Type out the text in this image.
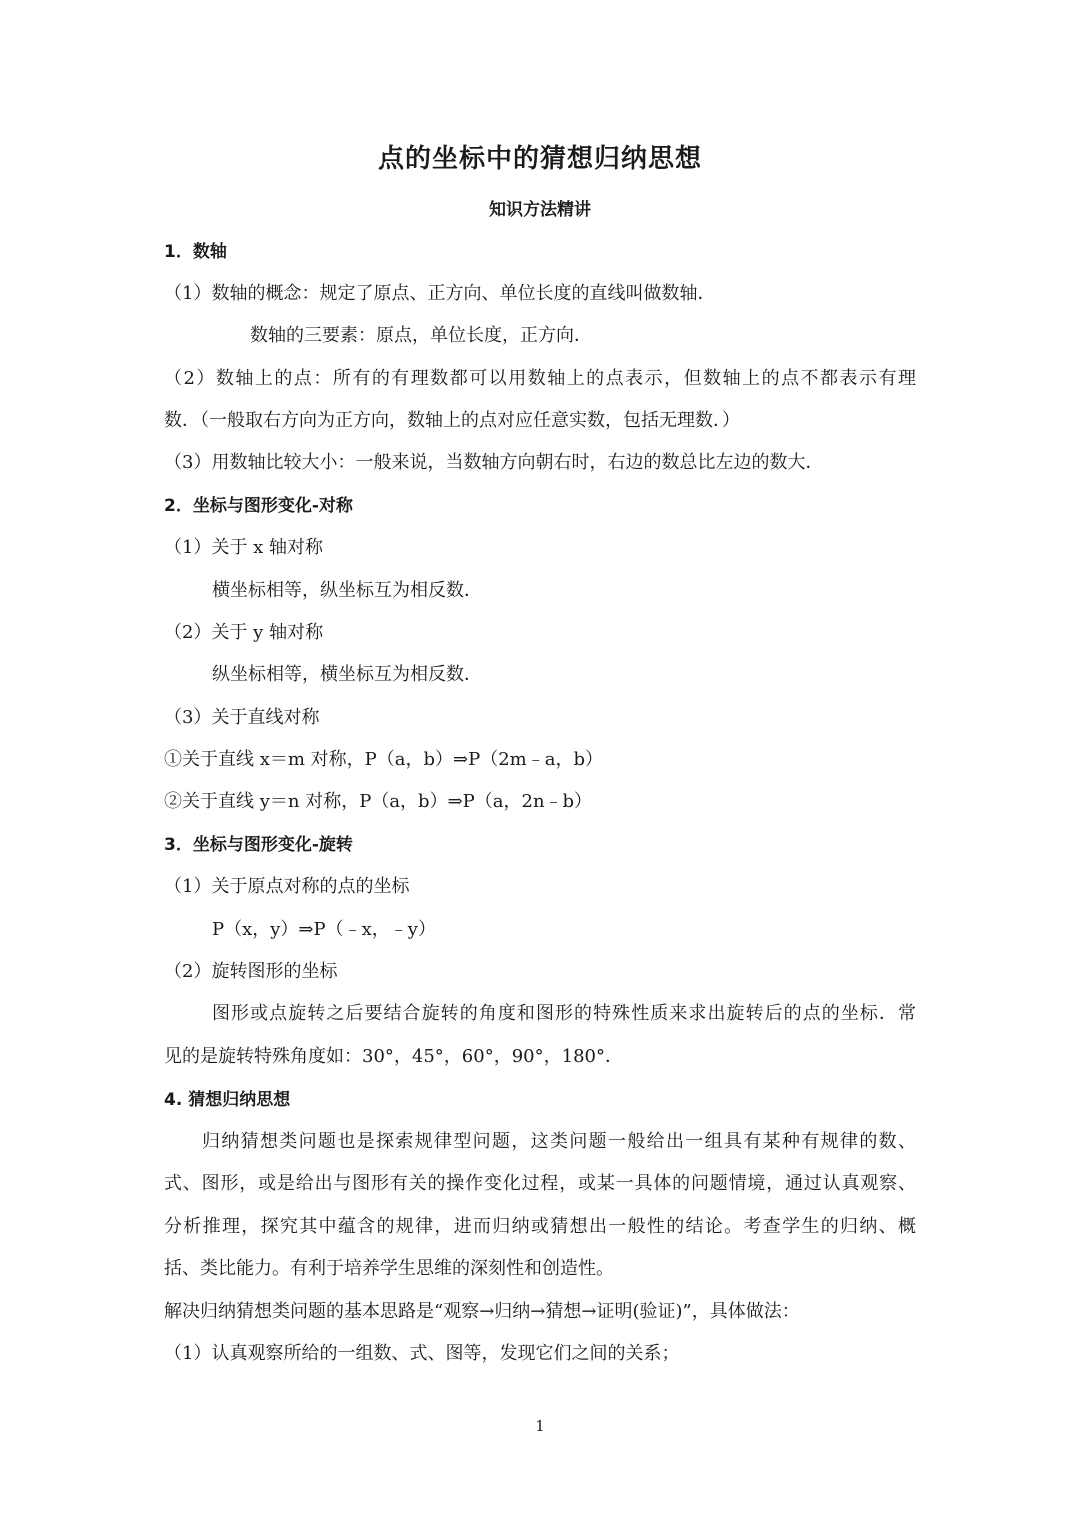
点的坐标中的猜想归纳思想
知识方法精讲
1．数轴
（1）数轴的概念：规定了原点、正方向、单位长度的直线叫做数轴．
数轴的三要素：原点，单位长度，正方向．
（2）数轴上的点：所有的有理数都可以用数轴上的点表示，但数轴上的点不都表示有理
数．（一般取右方向为正方向，数轴上的点对应任意实数，包括无理数．）
（3）用数轴比较大小：一般来说，当数轴方向朝右时，右边的数总比左边的数大．
2．坐标与图形变化-对称
（1）关于 x 轴对称
横坐标相等，纵坐标互为相反数．
（2）关于 y 轴对称
纵坐标相等，横坐标互为相反数．
（3）关于直线对称
①关于直线 x＝m 对称，P（a，b）⇒P（2m﹣a，b）
②关于直线 y＝n 对称，P（a，b）⇒P（a，2n﹣b）
3．坐标与图形变化-旋转
（1）关于原点对称的点的坐标
P（x，y）⇒P（﹣x，﹣y）
（2）旋转图形的坐标
图形或点旋转之后要结合旋转的角度和图形的特殊性质来求出旋转后的点的坐标．常
见的是旋转特殊角度如：30°，45°，60°，90°，180°．
4. 猜想归纳思想
归纳猜想类问题也是探索规律型问题，这类问题一般给出一组具有某种有规律的数、
式、图形，或是给出与图形有关的操作变化过程，或某一具体的问题情境，通过认真观察、
分析推理，探究其中蕴含的规律，进而归纳或猜想出一般性的结论。考查学生的归纳、概
括、类比能力。有利于培养学生思维的深刻性和创造性。
解决归纳猜想类问题的基本思路是“观察→归纳→猜想→证明(验证)”，具体做法：
（1）认真观察所给的一组数、式、图等，发现它们之间的关系；
1
